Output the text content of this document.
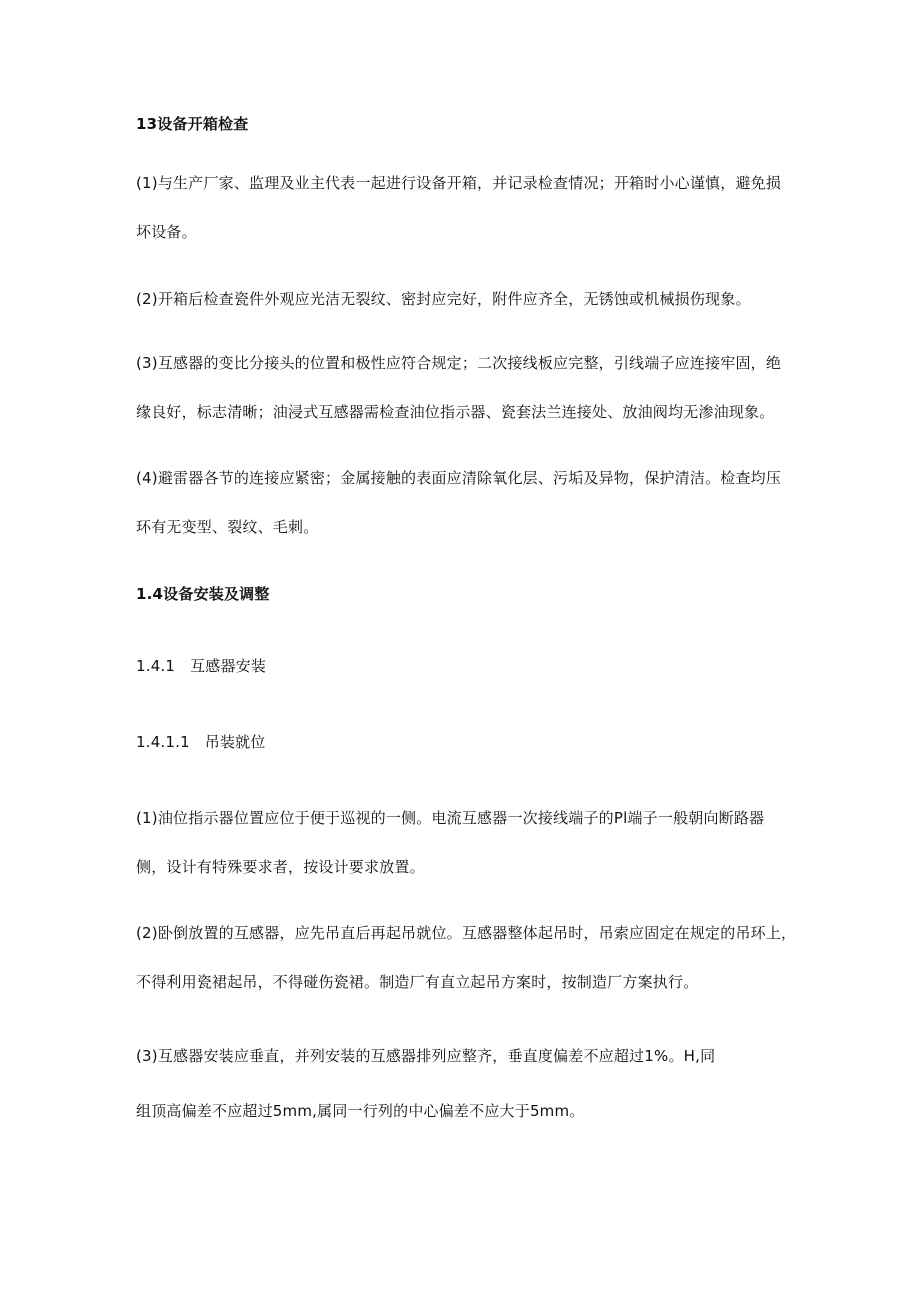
13设备开箱检查
(1)与生产厂家、监理及业主代表一起进行设备开箱，并记录检查情况；开箱时小心谨慎，避免损
坏设备。
(2)开箱后检查瓷件外观应光洁无裂纹、密封应完好，附件应齐全，无锈蚀或机械损伤现象。
(3)互感器的变比分接头的位置和极性应符合规定；二次接线板应完整，引线端子应连接牢固，绝
缘良好，标志清晰；油浸式互感器需检查油位指示器、瓷套法兰连接处、放油阀均无渗油现象。
(4)避雷器各节的连接应紧密；金属接触的表面应清除氧化层、污垢及异物，保护清洁。检查均压
环有无变型、裂纹、毛刺。
1.4设备安装及调整
1.4.1   互感器安装
1.4.1.1   吊装就位
(1)油位指示器位置应位于便于巡视的一侧。电流互感器一次接线端子的Pl端子一般朝向断路器
侧，设计有特殊要求者，按设计要求放置。
(2)卧倒放置的互感器，应先吊直后再起吊就位。互感器整体起吊时，吊索应固定在规定的吊环上，
不得利用瓷裙起吊，不得碰伤瓷裙。制造厂有直立起吊方案时，按制造厂方案执行。
(3)互感器安装应垂直，并列安装的互感器排列应整齐，垂直度偏差不应超过1%。H,同
组顶高偏差不应超过5mm,属同一行列的中心偏差不应大于5mm。
